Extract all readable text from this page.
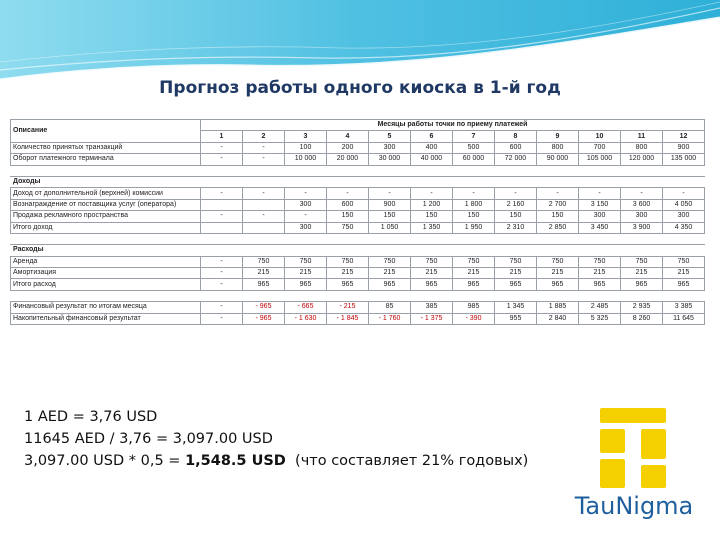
Прогноз работы одного киоска в 1-й год
Описание	Месяцы работы точки по приему платежей											
	1	2	3	4	5	6	7	8	9	10	11	12
Количество принятых транзакций	-	-	100	200	300	400	500	600	800	700	800	900
Оборот платежного терминала	-	-	10 000	20 000	30 000	40 000	60 000	72 000	90 000	105 000	120 000	135 000

Доходы												
Доход от дополнительной (верхней) комиссии	-	-	-	-	-	-	-	-	-	-	-	-
Вознаграждение от поставщика услуг (оператора)			300	600	900	1 200	1 800	2 160	2 700	3 150	3 600	4 050
Продажа рекламного пространства	-	-	-	150	150	150	150	150	150	300	300	300
Итого доход			300	750	1 050	1 350	1 950	2 310	2 850	3 450	3 900	4 350

Расходы												
Аренда	-	750	750	750	750	750	750	750	750	750	750	750
Амортизация	-	215	215	215	215	215	215	215	215	215	215	215
Итого расход	-	965	965	965	965	965	965	965	965	965	965	965

Финансовый результат по итогам месяца	-	- 965	- 665	- 215	85	385	985	1 345	1 885	2 485	2 935	3 385
Накопительный финансовый результат	-	- 965	- 1 630	- 1 845	- 1 760	- 1 375	- 390	955	2 840	5 325	8 260	11 645
1 AED = 3,76 USD
11645 AED / 3,76 = 3,097.00 USD
3,097.00 USD * 0,5 = 1,548.5 USD  (что составляет 21% годовых)
TauNigma
